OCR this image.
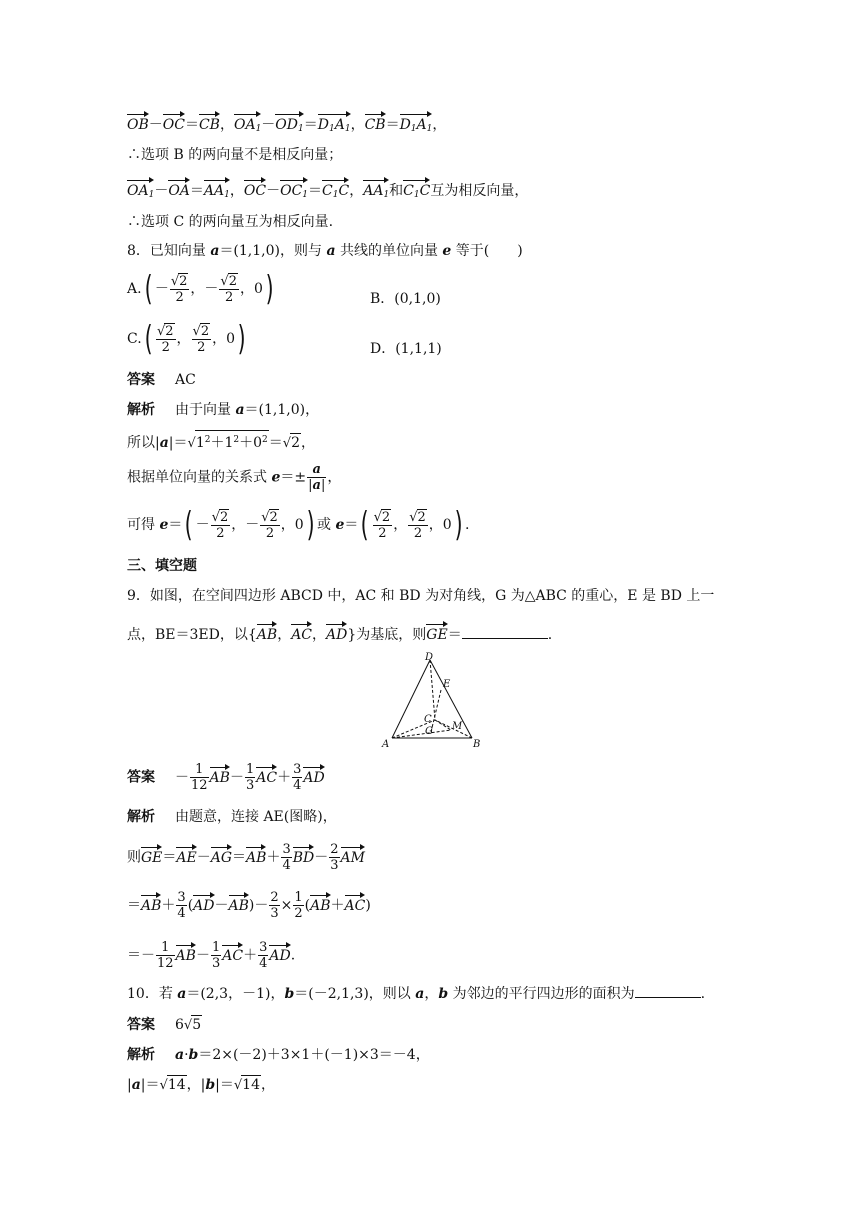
OB－OC＝CB，$OA_1-OD_1=D_1A_1$，$CB=D_1A_1$，
∴选项 B 的两向量不是相反向量；
$OA_1-OA=AA_1$，$OC-OC_1=C_1C$，$AA_1$和$C_1C$互为相反向量，
∴选项 C 的两向量互为相反向量.
8．已知向量 a＝(1,1,0)，则与 a 共线的单位向量 e 等于(　　)
$A.( - \frac{√2}{2}$ ，－ $\frac{√2}{2}$ ，0)	B．(0,1,0)
$C.( \frac{√2}{2}$ ， $\frac{√2}{2}$ ，0)	D．(1,1,1)
答案 AC
解析 由于向量 a＝(1,1,0)，
所以$|a|=√1^2+1^2+0^2=√2$，
根据单位向量的关系式 $e=\pm \frac{a}{|a|}$ ，
可得 $e=( - \frac{√2}{2}$ ，－ $\frac{√2}{2}$ ，0) 或 $e=( \frac{√2}{2}$ ， $\frac{√2}{2}$ ，0) .
三、填空题
9．如图，在空间四边形 ABCD 中，AC 和 BD 为对角线，G 为△ABC 的重心，E 是 BD 上一
点，BE＝3ED，以{AB，AC，AD}为基底，则GE＝	.
D
E
C
M
G
A	B
答案 － $\frac{1}{12} AB- \frac{1}{3} AC+ \frac{3}{4}$ AD
解析 由题意，连接 AE(图略)，
则$GE=AE-AG=AB+ \frac{3}{4} BD- \frac{2}{3}$ AM
$=AB+ \frac{3}{4} (AD-AB)- \frac{2}{3} \times \frac{1}{2} (AB+AC)$
＝－ $\frac{1}{12} AB- \frac{1}{3} AC+ \frac{3}{4}$ AD.
10．若 a＝(2,3，－1)，b＝(－2,1,3)，则以 a，b 为邻边的平行四边形的面积为	.
答案 6√5
解析 a·b＝2×(－2)＋3×1＋(－1)×3＝－4，
|a|＝√14，|b|＝√14，
